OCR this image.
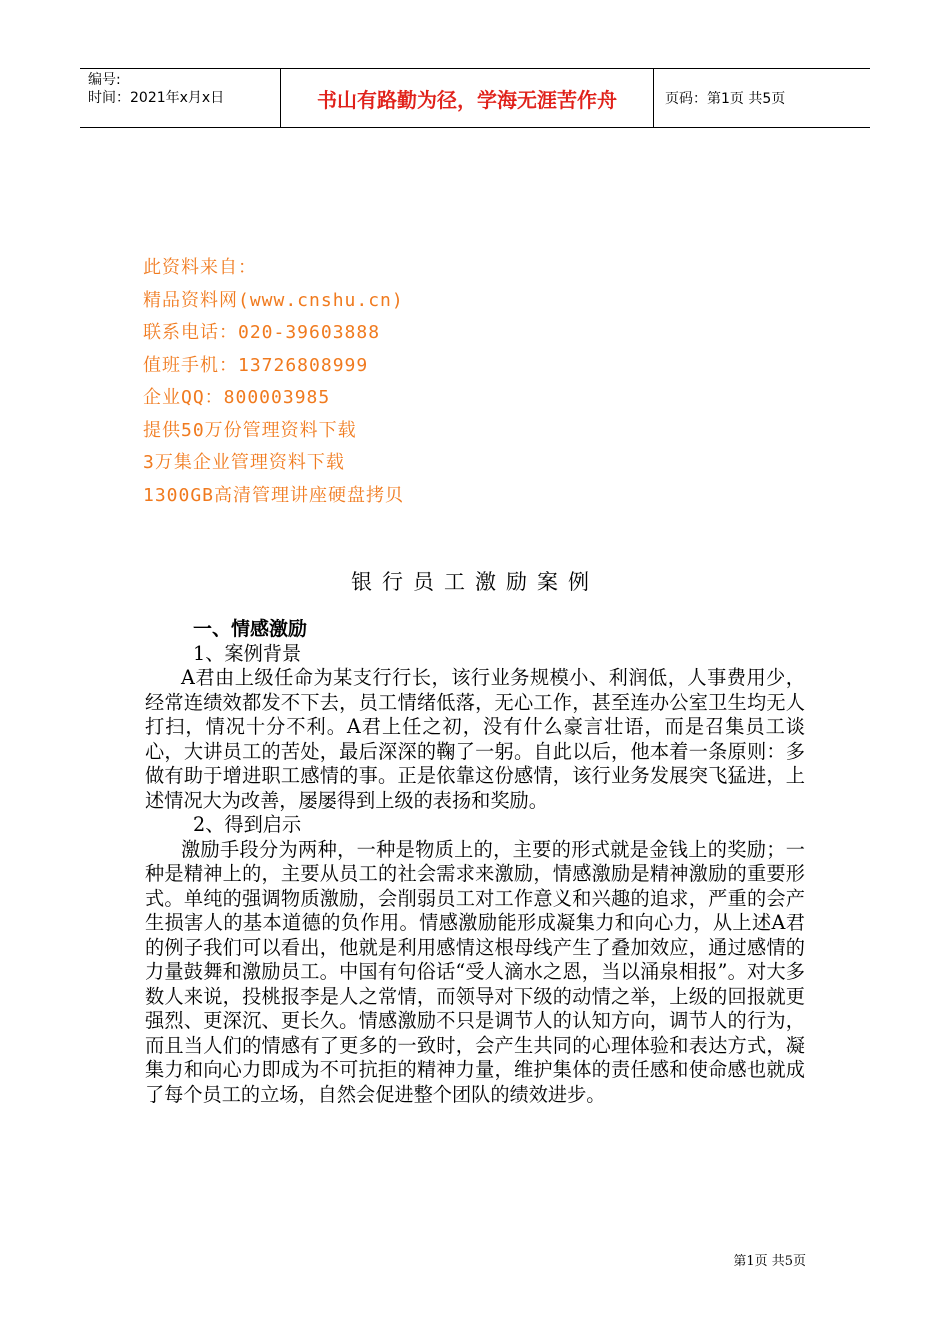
编号:
时间：2021年x月x日	书山有路勤为径，学海无涯苦作舟	页码：第1页 共5页
此资料来自：
精品资料网(www.cnshu.cn)
联系电话：020-39603888
值班手机：13726808999
企业QQ：800003985
提供50万份管理资料下载
3万集企业管理资料下载
1300GB高清管理讲座硬盘拷贝
银行员工激励案例

一、情感激励

1、案例背景

A君由上级任命为某支行行长，该行业务规模小、利润低，人事费用少，经常连绩效都发不下去，员工情绪低落，无心工作，甚至连办公室卫生均无人打扫，情况十分不利。A君上任之初，没有什么豪言壮语，而是召集员工谈心，大讲员工的苦处，最后深深的鞠了一躬。自此以后，他本着一条原则：多做有助于增进职工感情的事。正是依靠这份感情，该行业务发展突飞猛进，上述情况大为改善，屡屡得到上级的表扬和奖励。

2、得到启示

激励手段分为两种，一种是物质上的，主要的形式就是金钱上的奖励；一种是精神上的，主要从员工的社会需求来激励，情感激励是精神激励的重要形式。单纯的强调物质激励，会削弱员工对工作意义和兴趣的追求，严重的会产生损害人的基本道德的负作用。情感激励能形成凝集力和向心力，从上述A君的例子我们可以看出，他就是利用感情这根母线产生了叠加效应，通过感情的力量鼓舞和激励员工。中国有句俗话“受人滴水之恩，当以涌泉相报”。对大多数人来说，投桃报李是人之常情，而领导对下级的动情之举，上级的回报就更强烈、更深沉、更长久。情感激励不只是调节人的认知方向，调节人的行为，而且当人们的情感有了更多的一致时，会产生共同的心理体验和表达方式，凝集力和向心力即成为不可抗拒的精神力量，维护集体的责任感和使命感也就成了每个员工的立场，自然会促进整个团队的绩效进步。

第1页 共5页
